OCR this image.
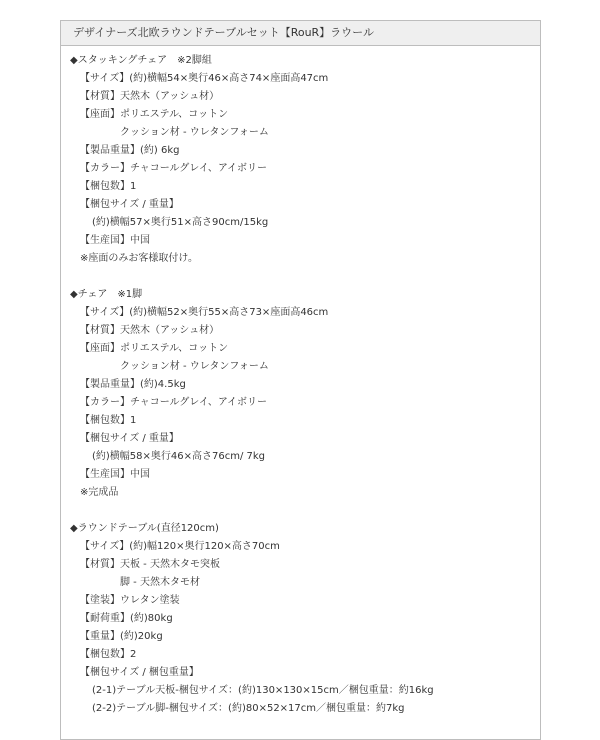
デザイナーズ北欧ラウンドテーブルセット【RouR】ラウール
◆スタッキングチェア　※2脚組
【サイズ】(約)横幅54×奥行46×高さ74×座面高47cm
【材質】天然木（アッシュ材）
【座面】ポリエステル、コットン
クッション材 - ウレタンフォーム
【製品重量】(約) 6kg
【カラー】チャコールグレイ、アイボリー
【梱包数】1
【梱包サイズ / 重量】
(約)横幅57×奥行51×高さ90cm/15kg
【生産国】中国
※座面のみお客様取付け。
◆チェア　※1脚
【サイズ】(約)横幅52×奥行55×高さ73×座面高46cm
【材質】天然木（アッシュ材）
【座面】ポリエステル、コットン
クッション材 - ウレタンフォーム
【製品重量】(約)4.5kg
【カラー】チャコールグレイ、アイボリー
【梱包数】1
【梱包サイズ / 重量】
(約)横幅58×奥行46×高さ76cm/ 7kg
【生産国】中国
※完成品
◆ラウンドテーブル(直径120cm)
【サイズ】(約)幅120×奥行120×高さ70cm
【材質】天板 - 天然木タモ突板
脚 - 天然木タモ材
【塗装】ウレタン塗装
【耐荷重】(約)80kg
【重量】(約)20kg
【梱包数】2
【梱包サイズ / 梱包重量】
(2-1)テーブル天板-梱包サイズ：(約)130×130×15cm／梱包重量：約16kg
(2-2)テーブル脚-梱包サイズ：(約)80×52×17cm／梱包重量：約7kg
